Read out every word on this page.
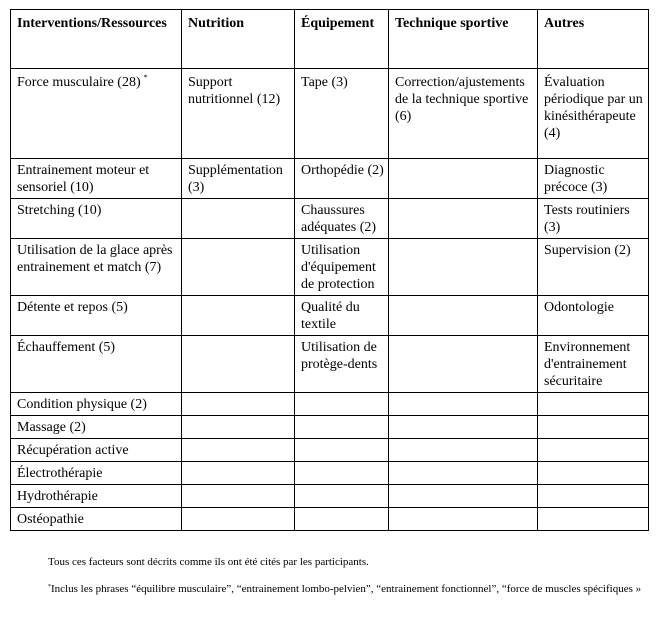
Interventions/Ressources	Nutrition	Équipement	Technique sportive	Autres
Force musculaire (28) *	Support nutritionnel (12)	Tape (3)	Correction/ajustements de la technique sportive (6)	Évaluation périodique par un kinésithérapeute (4)
Entrainement moteur et sensoriel (10)	Supplémentation (3)	Orthopédie (2)		Diagnostic précoce (3)
Stretching (10)		Chaussures adéquates (2)		Tests routiniers (3)
Utilisation de la glace après entrainement et match (7)		Utilisation d'équipement de protection		Supervision (2)
Détente et repos (5)		Qualité du textile		Odontologie
Échauffement (5)		Utilisation de protège-dents		Environnement d'entrainement sécuritaire
Condition physique (2)				
Massage (2)				
Récupération active				
Électrothérapie				
Hydrothérapie				
Ostéopathie				

Tous ces facteurs sont décrits comme ils ont été cités par les participants.

*Inclus les phrases “équilibre musculaire”, “entrainement lombo-pelvien”, “entrainement fonctionnel”, “force de muscles spécifiques »
